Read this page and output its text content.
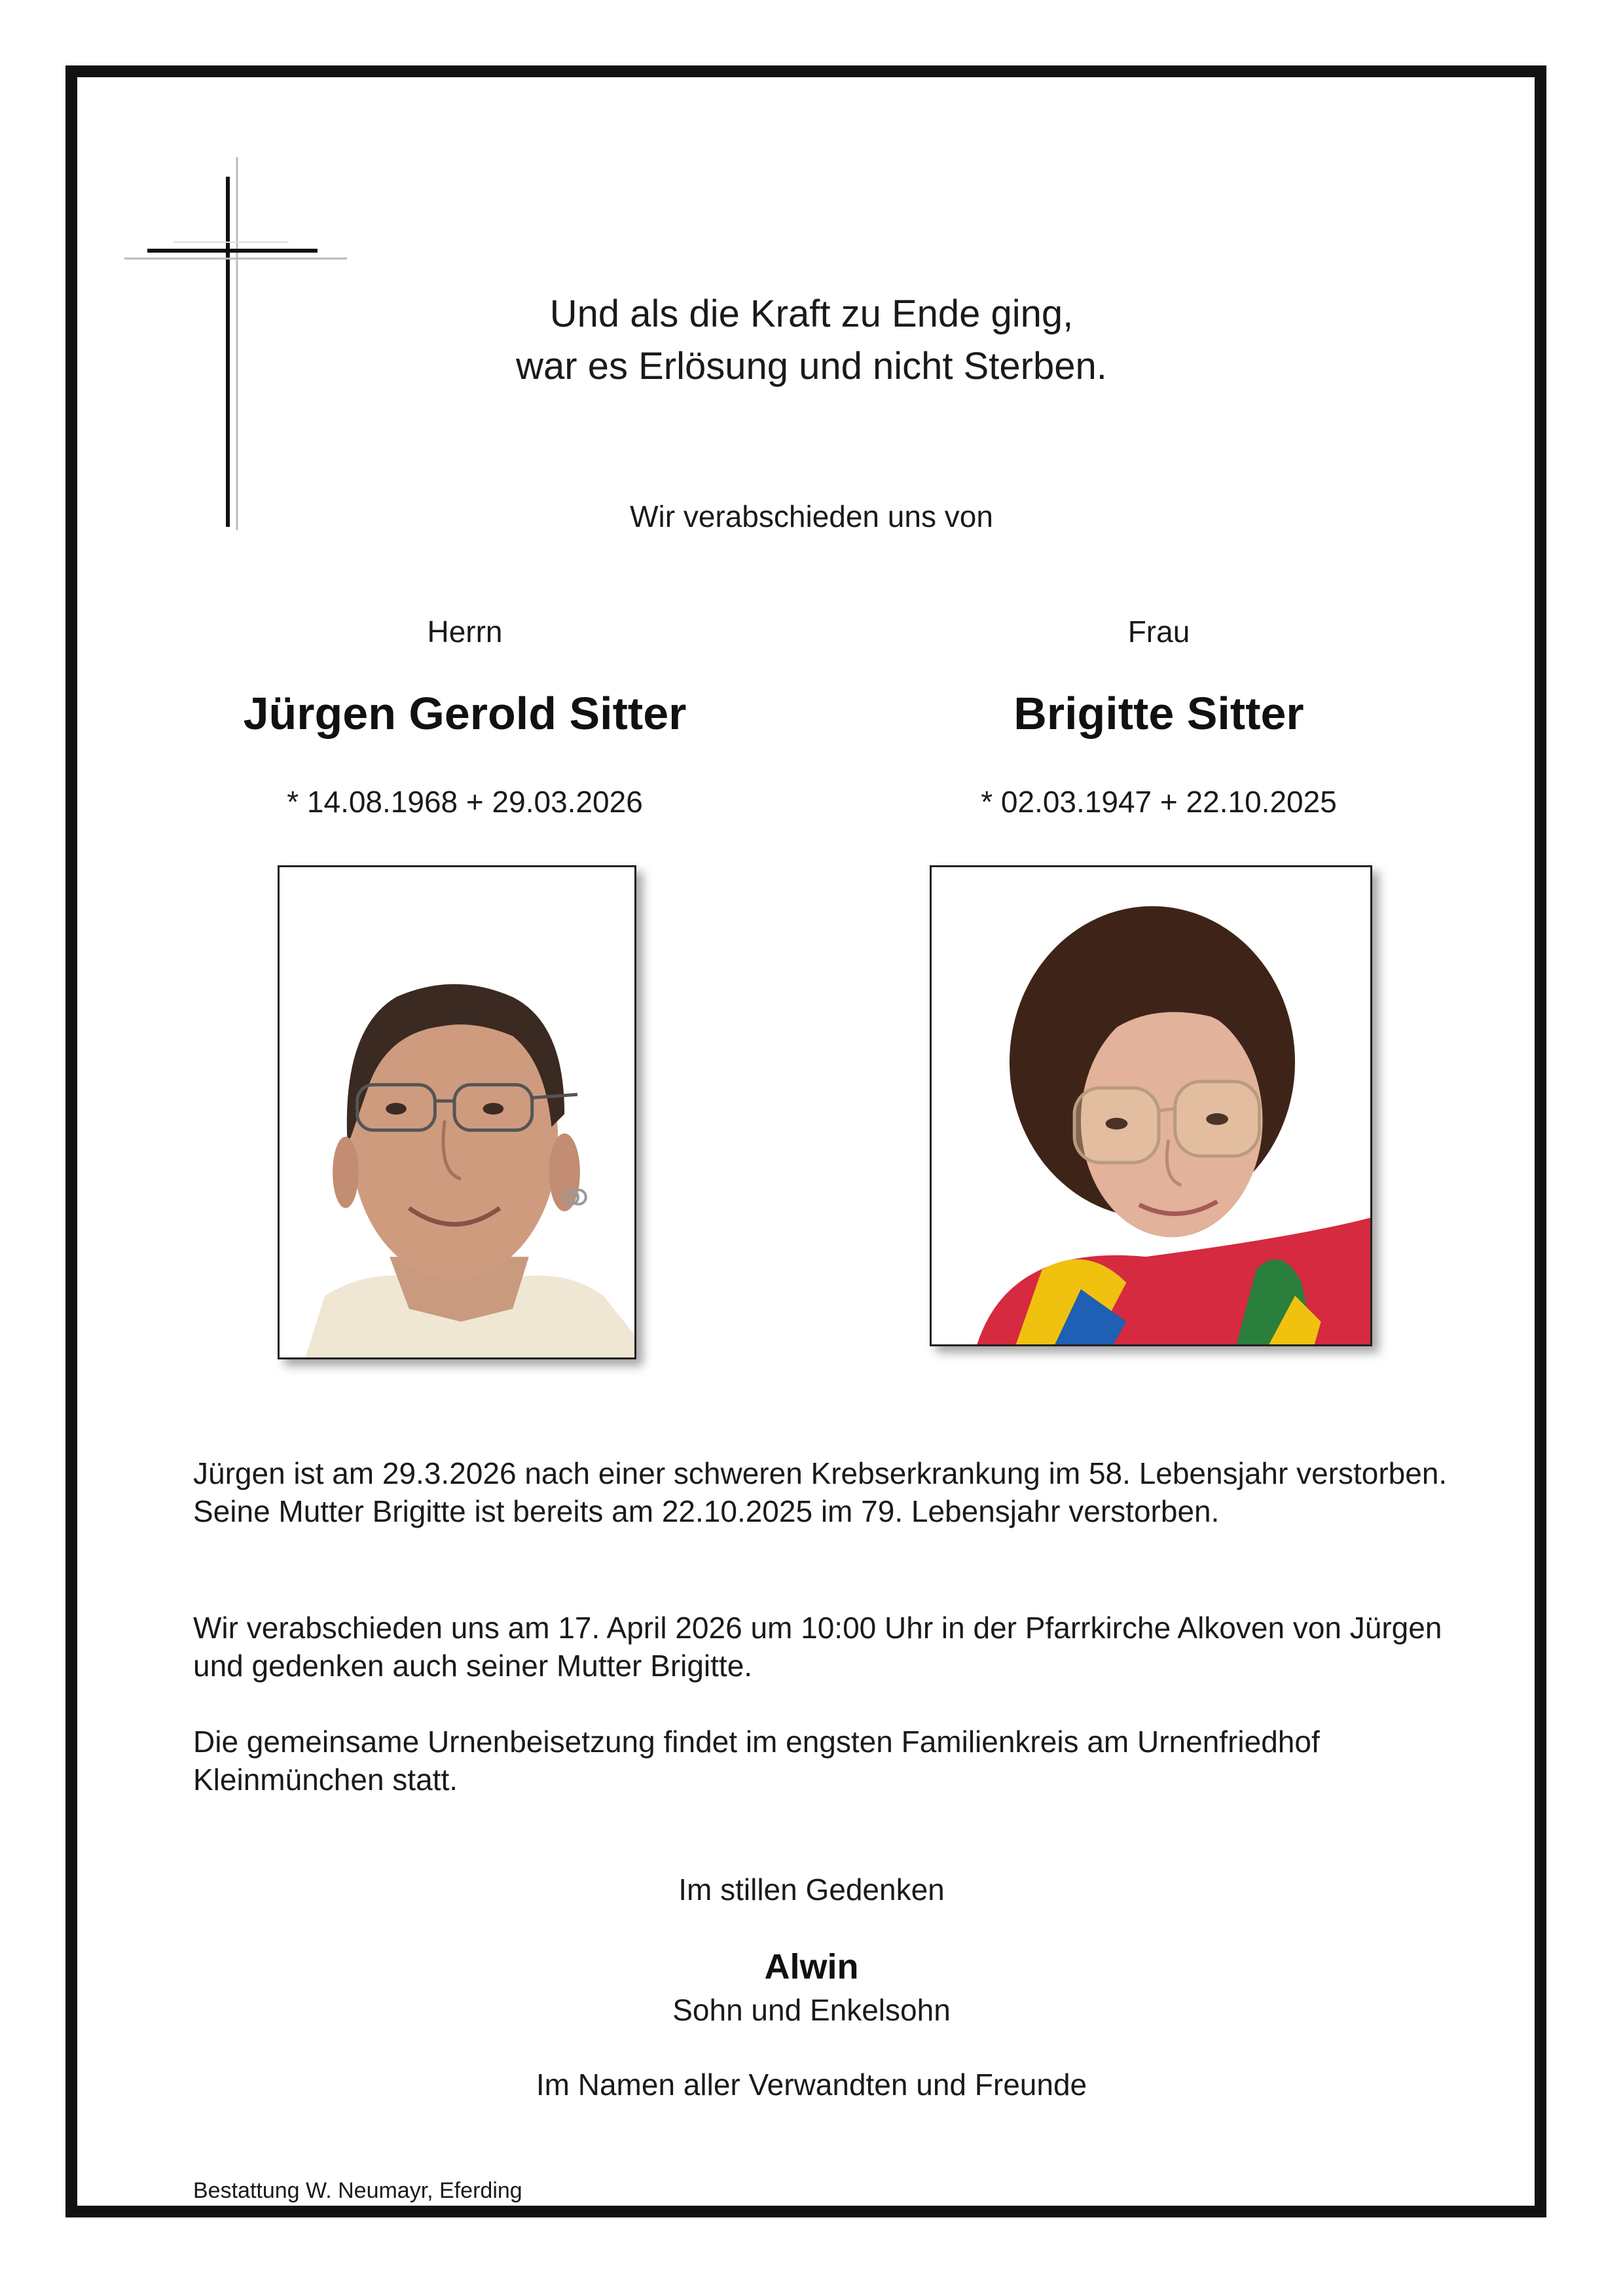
Und als die Kraft zu Ende ging,
war es Erlösung und nicht Sterben.
Wir verabschieden uns von
Herrn
Jürgen Gerold Sitter
* 14.08.1968 + 29.03.2026
Frau
Brigitte Sitter
* 02.03.1947 + 22.10.2025

Jürgen ist am 29.3.2026 nach einer schweren Krebserkrankung im 58. Lebensjahr verstorben. Seine Mutter Brigitte ist bereits am 22.10.2025 im 79. Lebensjahr verstorben.

Wir verabschieden uns am 17. April 2026 um 10:00 Uhr in der Pfarrkirche Alkoven von Jürgen und gedenken auch seiner Mutter Brigitte.

Die gemeinsame Urnenbeisetzung findet im engsten Familienkreis am Urnenfriedhof Kleinmünchen statt.

Im stillen Gedenken
Alwin
Sohn und Enkelsohn
Im Namen aller Verwandten und Freunde
Bestattung W. Neumayr, Eferding
